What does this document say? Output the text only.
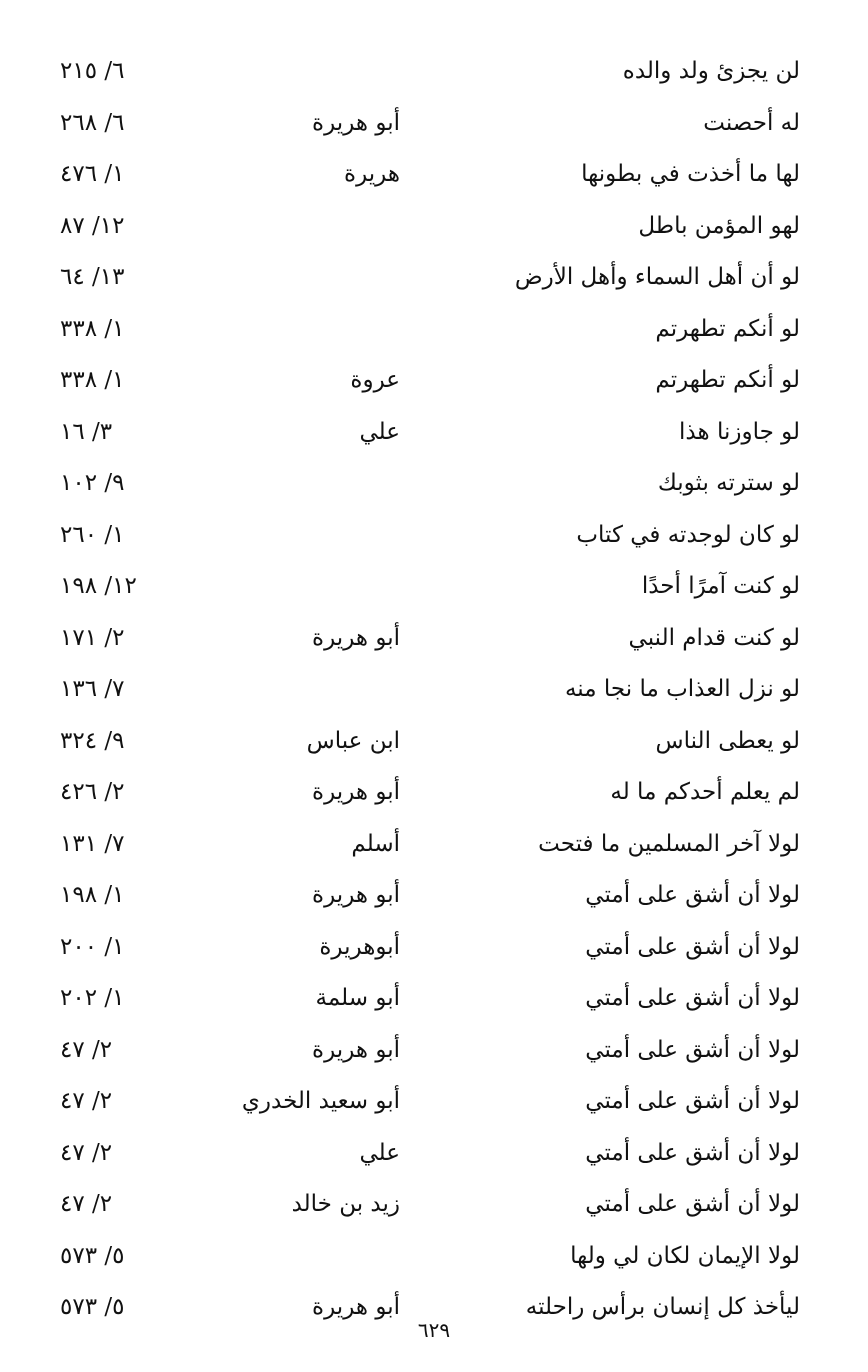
لن يجزئ ولد والده
٦/ ٢١٥
له أحصنت
أبو هريرة
٦/ ٢٦٨
لها ما أخذت في بطونها
هريرة
١/ ٤٧٦
لهو المؤمن باطل
١٢/ ٨٧
لو أن أهل السماء وأهل الأرض
١٣/ ٦٤
لو أنكم تطهرتم
١/ ٣٣٨
لو أنكم تطهرتم
عروة
١/ ٣٣٨
لو جاوزنا هذا
علي
٣/ ١٦
لو سترته بثوبك
٩/ ١٠٢
لو كان لوجدته في كتاب
١/ ٢٦٠
لو كنت آمرًا أحدًا
١٢/ ١٩٨
لو كنت قدام النبي
أبو هريرة
٢/ ١٧١
لو نزل العذاب ما نجا منه
٧/ ١٣٦
لو يعطى الناس
ابن عباس
٩/ ٣٢٤
لم يعلم أحدكم ما له
أبو هريرة
٢/ ٤٢٦
لولا آخر المسلمين ما فتحت
أسلم
٧/ ١٣١
لولا أن أشق على أمتي
أبو هريرة
١/ ١٩٨
لولا أن أشق على أمتي
أبوهريرة
١/ ٢٠٠
لولا أن أشق على أمتي
أبو سلمة
١/ ٢٠٢
لولا أن أشق على أمتي
أبو هريرة
٢/ ٤٧
لولا أن أشق على أمتي
أبو سعيد الخدري
٢/ ٤٧
لولا أن أشق على أمتي
علي
٢/ ٤٧
لولا أن أشق على أمتي
زيد بن خالد
٢/ ٤٧
لولا الإيمان لكان لي ولها
٥/ ٥٧٣
ليأخذ كل إنسان برأس راحلته
أبو هريرة
٥/ ٥٧٣
٦٢٩
